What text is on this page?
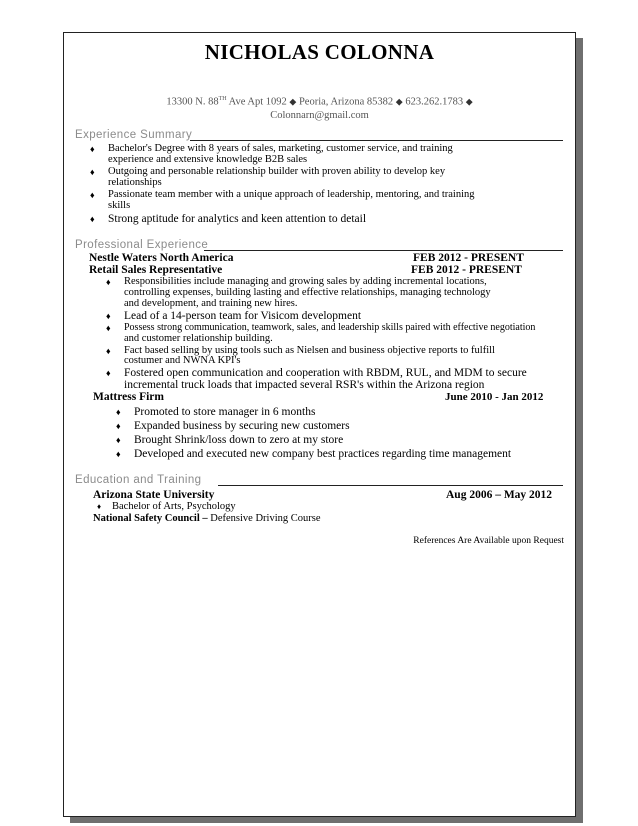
NICHOLAS COLONNA
13300 N. 88TH Ave Apt 1092 ◆ Peoria, Arizona 85382 ◆ 623.262.1783 ◆
Colonnarn@gmail.com
Experience Summary
♦ Bachelor's Degree with 8 years of sales, marketing, customer service, and training
experience and extensive knowledge B2B sales
♦ Outgoing and personable relationship builder with proven ability to develop key
relationships
♦ Passionate team member with a unique approach of leadership, mentoring, and training
skills
♦ Strong aptitude for analytics and keen attention to detail
Professional Experience
Nestle Waters North America	FEB 2012 - PRESENT
Retail Sales Representative	FEB 2012 - PRESENT
♦ Responsibilities include managing and growing sales by adding incremental locations,
controlling expenses, building lasting and effective relationships, managing technology
and development, and training new hires.
♦ Lead of a 14-person team for Visicom development
♦ Possess strong communication, teamwork, sales, and leadership skills paired with effective negotiation
and customer relationship building.
♦ Fact based selling by using tools such as Nielsen and business objective reports to fulfill
costumer and NWNA KPI's
♦ Fostered open communication and cooperation with RBDM, RUL, and MDM to secure
incremental truck loads that impacted several RSR's within the Arizona region
Mattress Firm	June 2010 - Jan 2012
♦ Promoted to store manager in 6 months
♦ Expanded business by securing new customers
♦ Brought Shrink/loss down to zero at my store
♦ Developed and executed new company best practices regarding time management
Education and Training
Arizona State University	Aug 2006 – May 2012
♦ Bachelor of Arts, Psychology
National Safety Council – Defensive Driving Course
References Are Available upon Request
